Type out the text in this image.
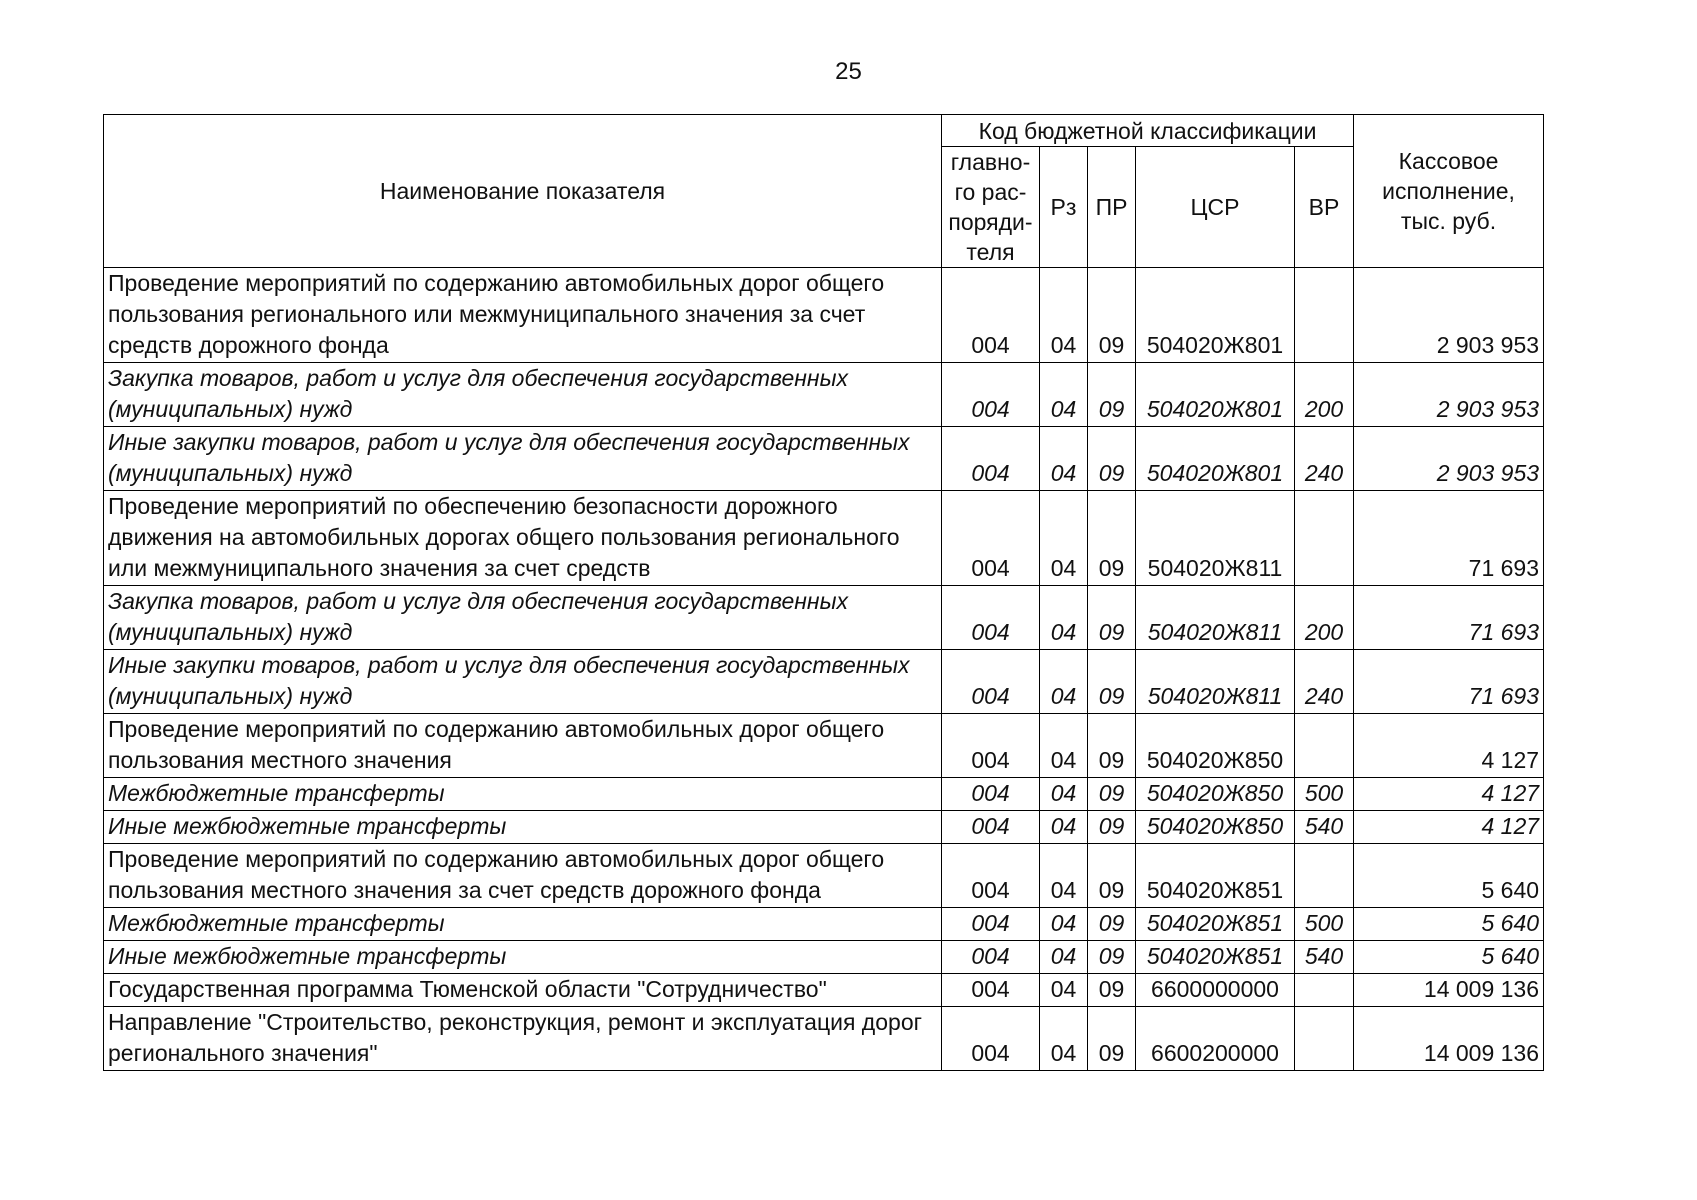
25
Наименование показателя	Код бюджетной классификации					Кассовое исполнение, тыс. руб.
	главно-го рас-поряди-теля	Рз	ПР	ЦСР	ВР	
Проведение мероприятий по содержанию автомобильных дорог общего пользования регионального или межмуниципального значения за счет средств дорожного фонда	004	04	09	504020Ж801		2 903 953
Закупка товаров, работ и услуг для обеспечения государственных (муниципальных) нужд	004	04	09	504020Ж801	200	2 903 953
Иные закупки товаров, работ и услуг для обеспечения государственных (муниципальных) нужд	004	04	09	504020Ж801	240	2 903 953
Проведение мероприятий по обеспечению безопасности дорожного движения на автомобильных дорогах общего пользования регионального или межмуниципального значения за счет средств	004	04	09	504020Ж811		71 693
Закупка товаров, работ и услуг для обеспечения государственных (муниципальных) нужд	004	04	09	504020Ж811	200	71 693
Иные закупки товаров, работ и услуг для обеспечения государственных (муниципальных) нужд	004	04	09	504020Ж811	240	71 693
Проведение мероприятий по содержанию автомобильных дорог общего пользования местного значения	004	04	09	504020Ж850		4 127
Межбюджетные трансферты	004	04	09	504020Ж850	500	4 127
Иные межбюджетные трансферты	004	04	09	504020Ж850	540	4 127
Проведение мероприятий по содержанию автомобильных дорог общего пользования местного значения за счет средств дорожного фонда	004	04	09	504020Ж851		5 640
Межбюджетные трансферты	004	04	09	504020Ж851	500	5 640
Иные межбюджетные трансферты	004	04	09	504020Ж851	540	5 640
Государственная программа Тюменской области "Сотрудничество"	004	04	09	6600000000		14 009 136
Направление "Строительство, реконструкция, ремонт и эксплуатация дорог регионального значения"	004	04	09	6600200000		14 009 136
